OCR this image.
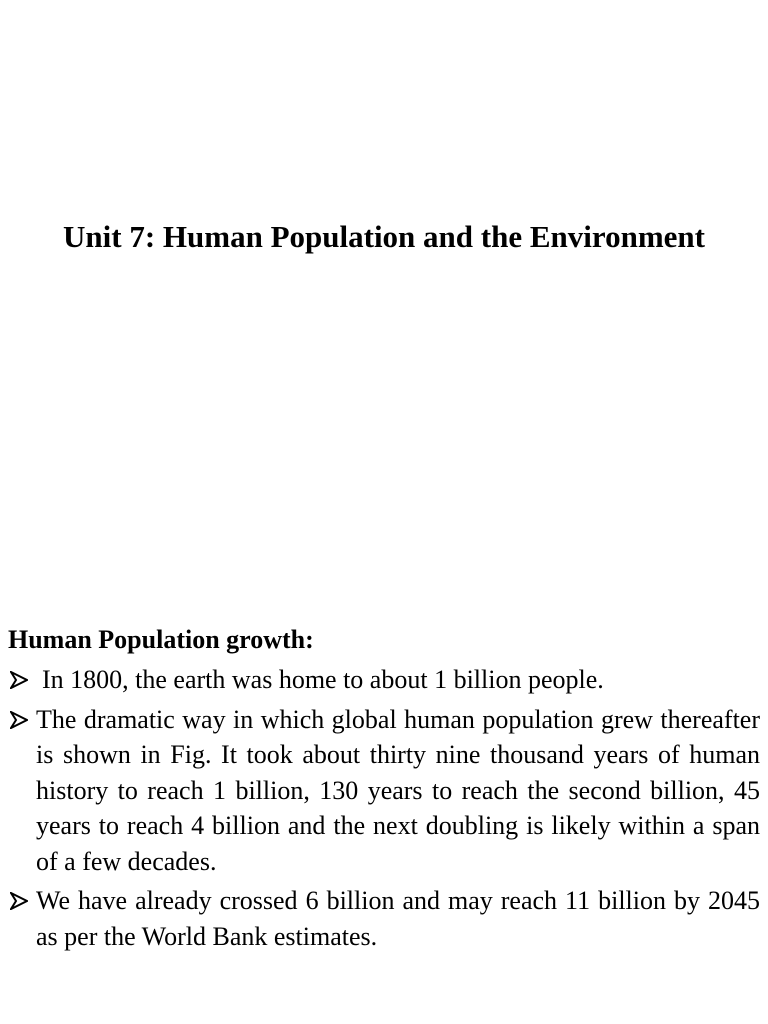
Unit 7: Human Population and the Environment
Human Population growth:
In 1800, the earth was home to about 1 billion people.
The dramatic way in which global human population grew thereafter is shown in Fig. It took about thirty nine thousand years of human history to reach 1 billion, 130 years to reach the second billion, 45 years to reach 4 billion and the next doubling is likely within a span of a few decades.
We have already crossed 6 billion and may reach 11 billion by 2045 as per the World Bank estimates.
